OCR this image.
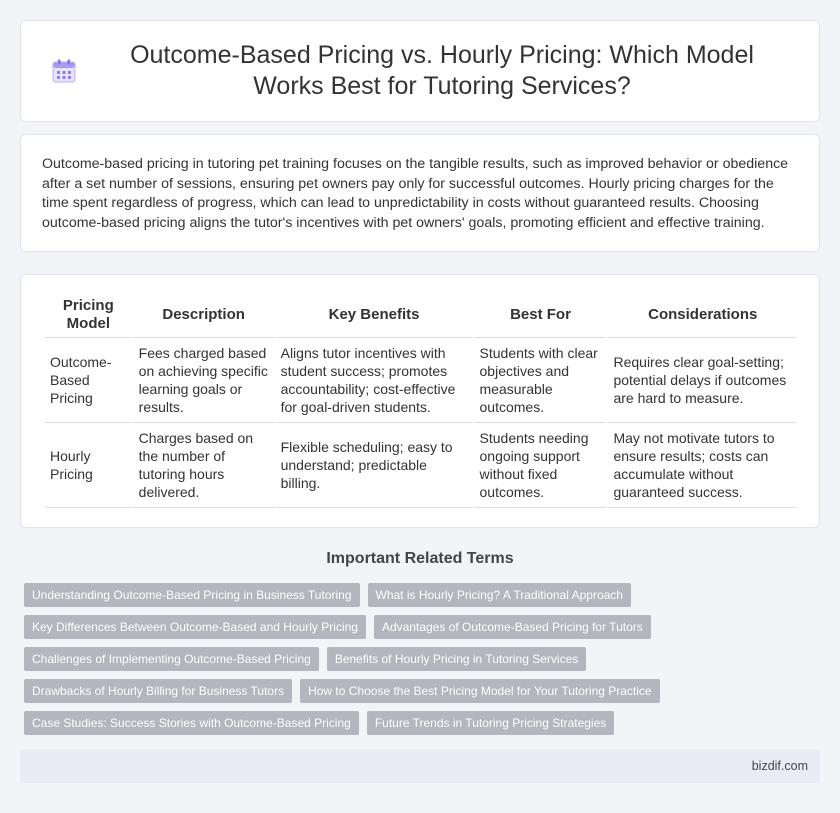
Outcome-Based Pricing vs. Hourly Pricing: Which Model Works Best for Tutoring Services?

Outcome-based pricing in tutoring pet training focuses on the tangible results, such as improved behavior or obedience after a set number of sessions, ensuring pet owners pay only for successful outcomes. Hourly pricing charges for the time spent regardless of progress, which can lead to unpredictability in costs without guaranteed results. Choosing outcome-based pricing aligns the tutor's incentives with pet owners' goals, promoting efficient and effective training.

Pricing Model	Description	Key Benefits	Best For	Considerations
Outcome-Based Pricing	Fees charged based on achieving specific learning goals or results.	Aligns tutor incentives with student success; promotes accountability; cost-effective for goal-driven students.	Students with clear objectives and measurable outcomes.	Requires clear goal-setting; potential delays if outcomes are hard to measure.
Hourly Pricing	Charges based on the number of tutoring hours delivered.	Flexible scheduling; easy to understand; predictable billing.	Students needing ongoing support without fixed outcomes.	May not motivate tutors to ensure results; costs can accumulate without guaranteed success.
Important Related Terms
Understanding Outcome-Based Pricing in Business Tutoring	What is Hourly Pricing? A Traditional Approach
Key Differences Between Outcome-Based and Hourly Pricing	Advantages of Outcome-Based Pricing for Tutors
Challenges of Implementing Outcome-Based Pricing	Benefits of Hourly Pricing in Tutoring Services
Drawbacks of Hourly Billing for Business Tutors	How to Choose the Best Pricing Model for Your Tutoring Practice
Case Studies: Success Stories with Outcome-Based Pricing	Future Trends in Tutoring Pricing Strategies
bizdif.com
